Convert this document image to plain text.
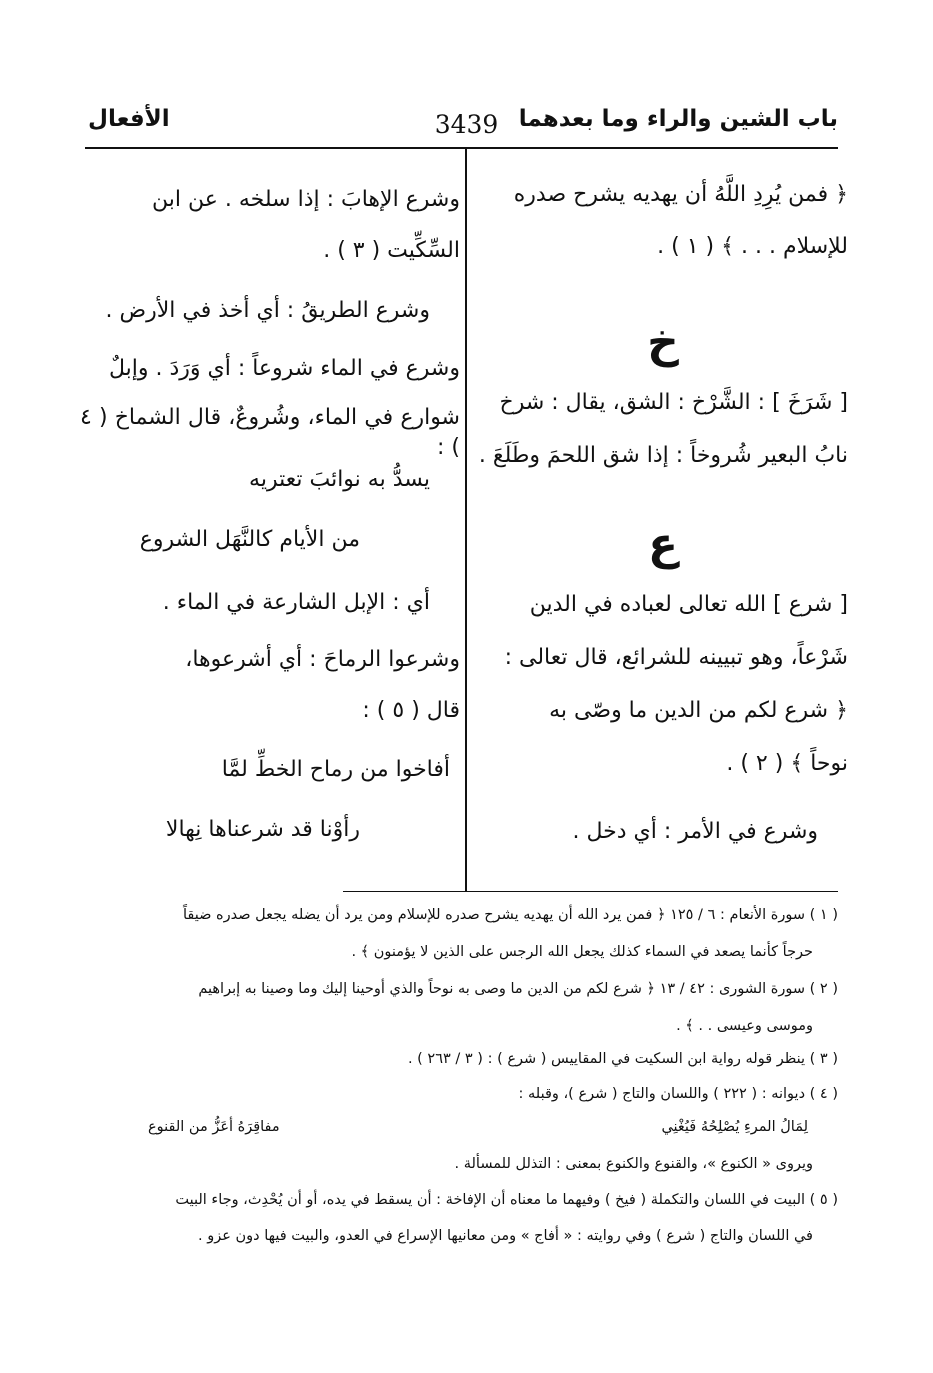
باب الشين والراء وما بعدهما
3439
الأفعال
﴿ فمن يُرِدِ اللَّهُ أن يهديه يشرح صدره
للإسلام . . . ﴾ ( ١ ) .
خ
[ شَرَخَ ] : الشَّرْخ : الشق، يقال : شرخ
نابُ البعير شُروخاً : إذا شق اللحمَ وطَلَعَ .
ع
[ شرع ] الله تعالى لعباده في الدين
شَرْعاً، وهو تبيينه للشرائع، قال تعالى :
﴿ شرع لكم من الدين ما وصّى به
نوحاً ﴾ ( ٢ ) .
وشرع في الأمر : أي دخل .
وشرع الإهابَ : إذا سلخه . عن ابن
السِّكِّيت ( ٣ ) .
وشرع الطريقُ : أي أخذ في الأرض .
وشرع في الماء شروعاً : أي وَرَدَ . وإبلٌ
شوارع في الماء، وشُروعٌ، قال الشماخ ( ٤ ) :
يسدُّ به نوائبَ تعتريه
من الأيام كالنَّهَل الشروع
أي : الإبل الشارعة في الماء .
وشرعوا الرماحَ : أي أشرعوها،
قال ( ٥ ) :
أفاخوا من رماح الخطِّ لمَّا
رأوْنا قد شرعناها نِهالا
( ١ ) سورة الأنعام : ٦ / ١٢٥ ﴿ فمن يرد الله أن يهديه يشرح صدره للإسلام ومن يرد أن يضله يجعل صدره ضيقاً
حرجاً كأنما يصعد في السماء كذلك يجعل الله الرجس على الذين لا يؤمنون ﴾ .
( ٢ ) سورة الشورى : ٤٢ / ١٣ ﴿ شرع لكم من الدين ما وصى به نوحاً والذي أوحينا إليك وما وصينا به إبراهيم
وموسى وعيسى . . ﴾ .
( ٣ ) ينظر قوله رواية ابن السكيت في المقاييس ( شرع ) : ( ٣ / ٢٦٣ ) .
( ٤ ) ديوانه : ( ٢٢٢ ) واللسان والتاج ( شرع )، وقبله :
لِمَالُ المرءِ يُصْلِحُهُ فَيُغْنِي
مفاقِرَهُ أعَزُّ من القنوع
ويروى « الكنوع »، والقنوع والكنوع بمعنى : التذلل للمسألة .
( ٥ ) البيت في اللسان والتكملة ( فيخ ) وفيهما ما معناه أن الإفاخة : أن يسقط في يده، أو أن يُحْدِث، وجاء البيت
في اللسان والتاج ( شرع ) وفي روايته : « أفاج » ومن معانيها الإسراع في العدو، والبيت فيها دون عزو .
